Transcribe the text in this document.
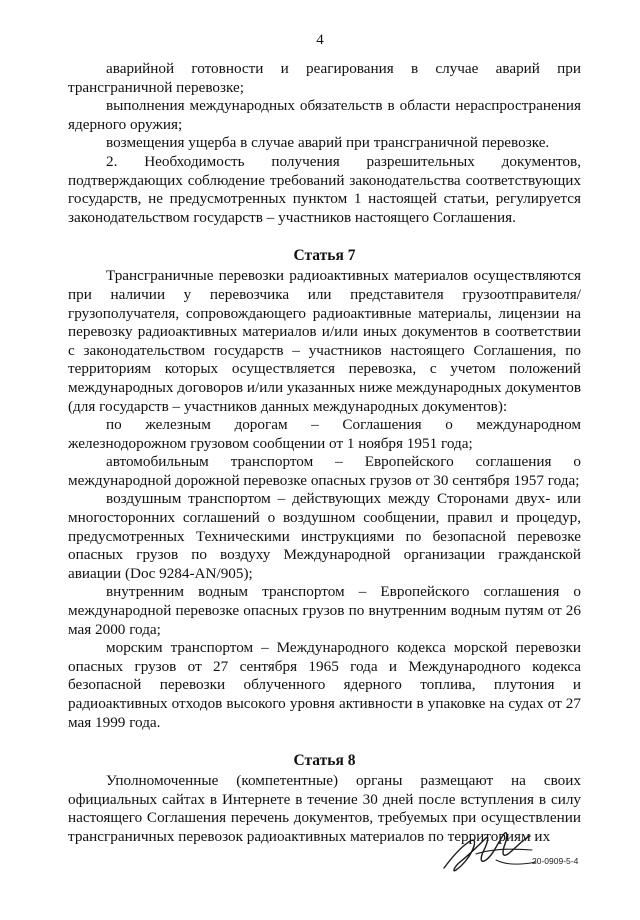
4

аварийной готовности и реагирования в случае аварий при трансграничной перевозке;

выполнения международных обязательств в области нераспространения ядерного оружия;

возмещения ущерба в случае аварий при трансграничной перевозке.

2. Необходимость получения разрешительных документов, подтверждающих соблюдение требований законодательства соответствующих государств, не предусмотренных пунктом 1 настоящей статьи, регулируется законодательством государств – участников настоящего Соглашения.

Статья 7

Трансграничные перевозки радиоактивных материалов осуществляются при наличии у перевозчика или представителя грузоотправителя/грузополучателя, сопровождающего радиоактивные материалы, лицензии на перевозку радиоактивных материалов и/или иных документов в соответствии с законодательством государств – участников настоящего Соглашения, по территориям которых осуществляется перевозка, с учетом положений международных договоров и/или указанных ниже международных документов (для государств – участников данных международных документов):

по железным дорогам – Соглашения о международном железнодорожном грузовом сообщении от 1 ноября 1951 года;

автомобильным транспортом – Европейского соглашения о международной дорожной перевозке опасных грузов от 30 сентября 1957 года;

воздушным транспортом – действующих между Сторонами двух- или многосторонних соглашений о воздушном сообщении, правил и процедур, предусмотренных Техническими инструкциями по безопасной перевозке опасных грузов по воздуху Международной организации гражданской авиации (Doc 9284-AN/905);

внутренним водным транспортом – Европейского соглашения о международной перевозке опасных грузов по внутренним водным путям от 26 мая 2000 года;

морским транспортом – Международного кодекса морской перевозки опасных грузов от 27 сентября 1965 года и Международного кодекса безопасной перевозки облученного ядерного топлива, плутония и радиоактивных отходов высокого уровня активности в упаковке на судах от 27 мая 1999 года.

Статья 8

Уполномоченные (компетентные) органы размещают на своих официальных сайтах в Интернете в течение 30 дней после вступления в силу настоящего Соглашения перечень документов, требуемых при осуществлении трансграничных перевозок радиоактивных материалов по территориям их

20-0909-5-4
